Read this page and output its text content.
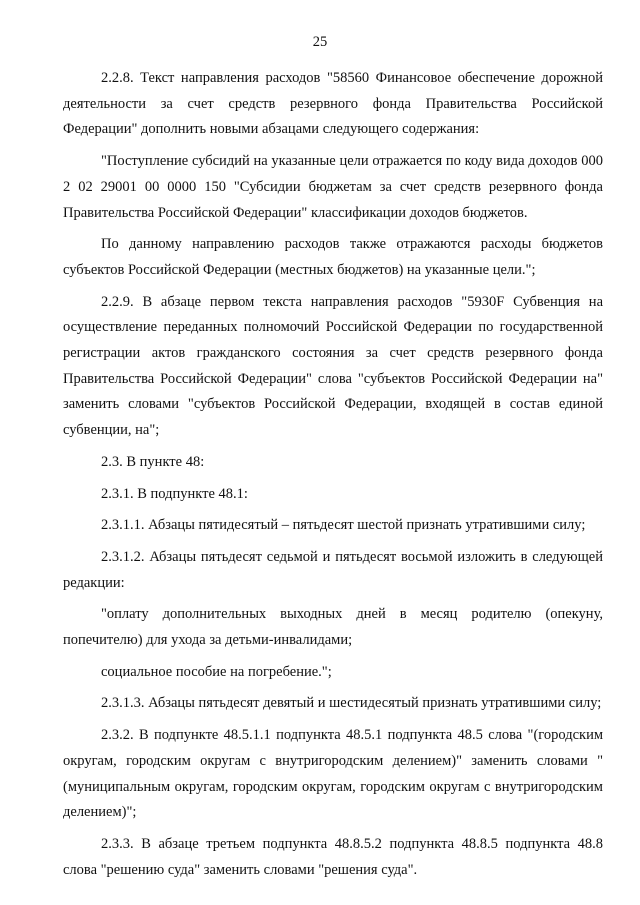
25

2.2.8. Текст направления расходов "58560 Финансовое обеспечение дорожной деятельности за счет средств резервного фонда Правительства Российской Федерации" дополнить новыми абзацами следующего содержания:

"Поступление субсидий на указанные цели отражается по коду вида доходов 000 2 02 29001 00 0000 150 "Субсидии бюджетам за счет средств резервного фонда Правительства Российской Федерации" классификации доходов бюджетов.

По данному направлению расходов также отражаются расходы бюджетов субъектов Российской Федерации (местных бюджетов) на указанные цели.";

2.2.9. В абзаце первом текста направления расходов "5930F Субвенция на осуществление переданных полномочий Российской Федерации по государственной регистрации актов гражданского состояния за счет средств резервного фонда Правительства Российской Федерации" слова "субъектов Российской Федерации на" заменить словами "субъектов Российской Федерации, входящей в состав единой субвенции, на";

2.3. В пункте 48:

2.3.1. В подпункте 48.1:

2.3.1.1. Абзацы пятидесятый – пятьдесят шестой признать утратившими силу;

2.3.1.2. Абзацы пятьдесят седьмой и пятьдесят восьмой изложить в следующей редакции:

"оплату дополнительных выходных дней в месяц родителю (опекуну, попечителю) для ухода за детьми-инвалидами;

социальное пособие на погребение.";

2.3.1.3. Абзацы пятьдесят девятый и шестидесятый признать утратившими силу;

2.3.2. В подпункте 48.5.1.1 подпункта 48.5.1 подпункта 48.5 слова "(городским округам, городским округам с внутригородским делением)" заменить словами "(муниципальным округам, городским округам, городским округам с внутригородским делением)";

2.3.3. В абзаце третьем подпункта 48.8.5.2 подпункта 48.8.5 подпункта 48.8 слова "решению суда" заменить словами "решения суда".
